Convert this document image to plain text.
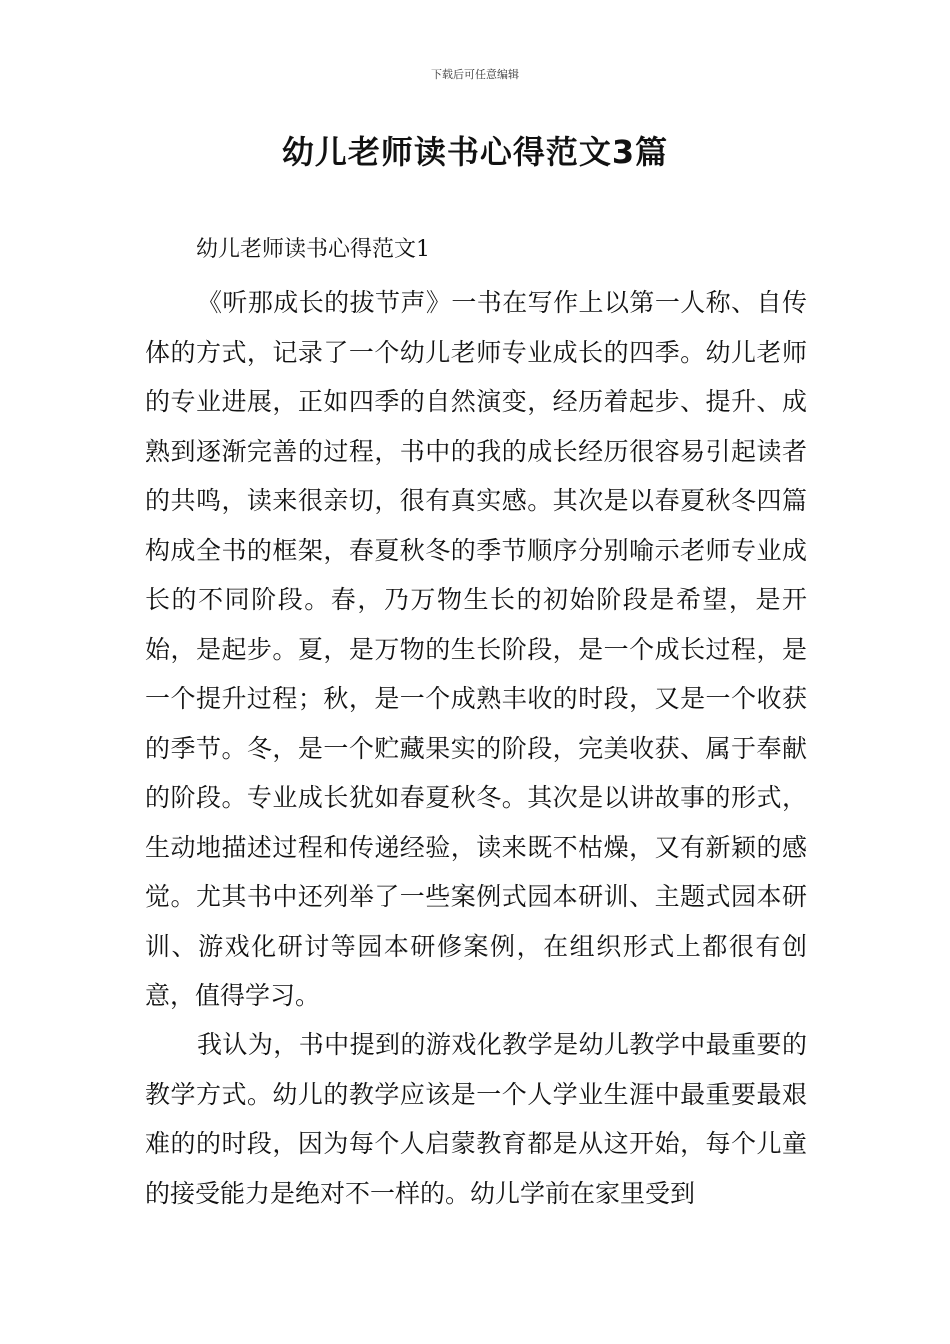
下载后可任意编辑
幼儿老师读书心得范文3篇

幼儿老师读书心得范文1

《听那成长的拔节声》一书在写作上以第一人称、自传体的方式，记录了一个幼儿老师专业成长的四季。幼儿老师的专业进展，正如四季的自然演变，经历着起步、提升、成熟到逐渐完善的过程，书中的我的成长经历很容易引起读者的共鸣，读来很亲切，很有真实感。其次是以春夏秋冬四篇构成全书的框架，春夏秋冬的季节顺序分别喻示老师专业成长的不同阶段。春，乃万物生长的初始阶段是希望，是开始，是起步。夏，是万物的生长阶段，是一个成长过程，是一个提升过程；秋，是一个成熟丰收的时段，又是一个收获的季节。冬，是一个贮藏果实的阶段，完美收获、属于奉献的阶段。专业成长犹如春夏秋冬。其次是以讲故事的形式，生动地描述过程和传递经验，读来既不枯燥，又有新颖的感觉。尤其书中还列举了一些案例式园本研训、主题式园本研训、游戏化研讨等园本研修案例，在组织形式上都很有创意，值得学习。

我认为，书中提到的游戏化教学是幼儿教学中最重要的教学方式。幼儿的教学应该是一个人学业生涯中最重要最艰难的的时段，因为每个人启蒙教育都是从这开始，每个儿童的接受能力是绝对不一样的。幼儿学前在家里受到
